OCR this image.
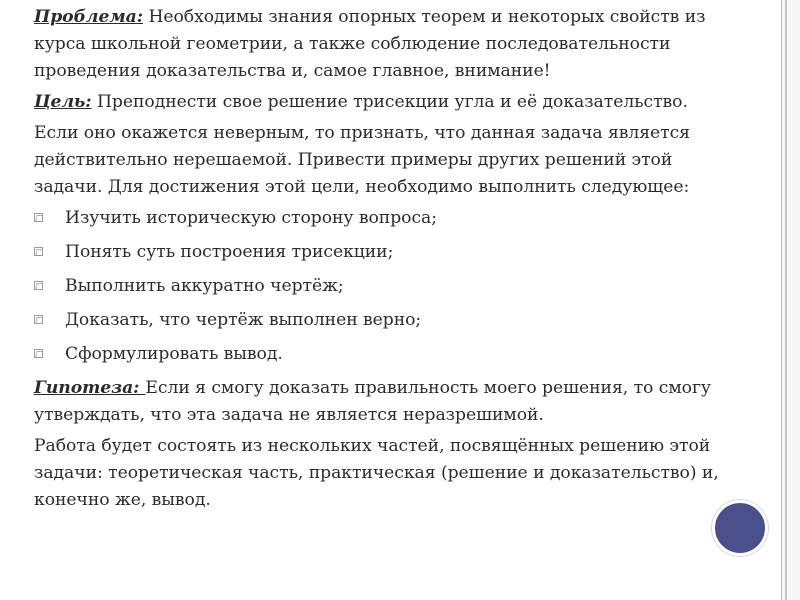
Проблема: Необходимы знания опорных теорем и некоторых свойств из курса школьной геометрии, а также соблюдение последовательности проведения доказательства и, самое главное, внимание!

Цель: Преподнести свое решение трисекции угла и её доказательство.

Если оно окажется неверным, то признать, что данная задача является действительно нерешаемой. Привести примеры других решений этой задачи. Для достижения этой цели, необходимо выполнить следующее:

Изучить историческую сторону вопроса;
Понять суть построения трисекции;
Выполнить аккуратно чертёж;
Доказать, что чертёж выполнен верно;
Сформулировать вывод.

Гипотеза: Если я смогу доказать правильность моего решения, то смогу утверждать, что эта задача не является неразрешимой.

Работа будет состоять из нескольких частей, посвящённых решению этой задачи: теоретическая часть, практическая (решение и доказательство) и, конечно же, вывод.
